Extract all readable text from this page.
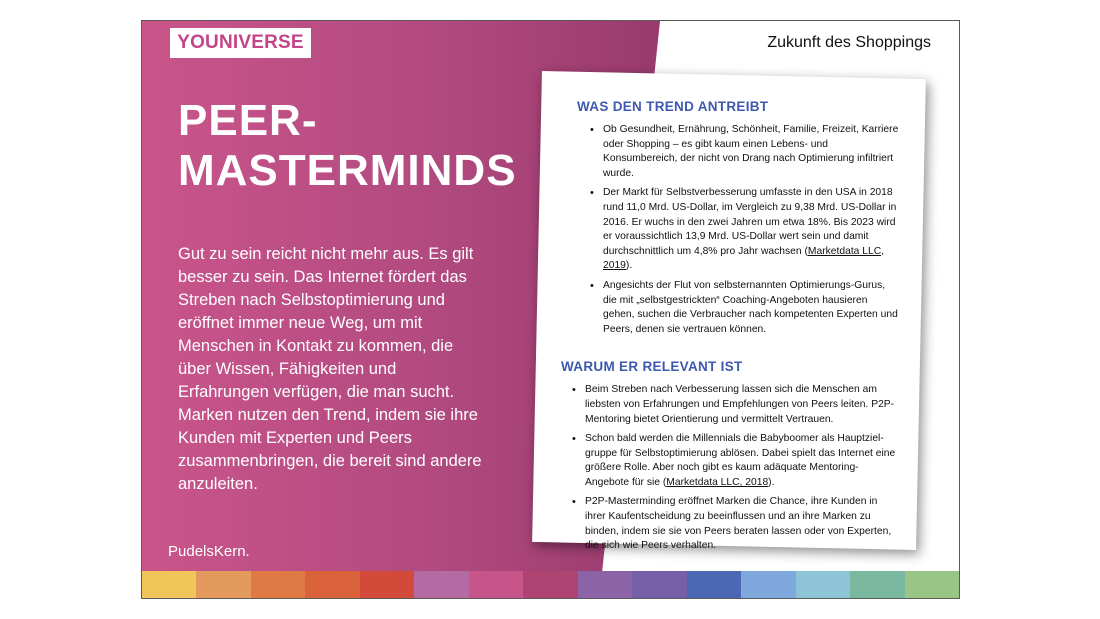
YOUNIVERSE	Zukunft des Shoppings
PEER-
MASTERMINDS
Gut zu sein reicht nicht mehr aus. Es gilt besser zu sein. Das Internet fördert das Streben nach Selbstoptimierung und eröffnet immer neue Weg, um mit Menschen in Kontakt zu kommen, die über Wissen, Fähigkeiten und Erfahrungen verfügen, die man sucht. Marken nutzen den Trend, indem sie ihre Kunden mit Experten und Peers zusammenbringen, die bereit sind andere anzuleiten.
PudelsKern.
WAS DEN TREND ANTREIBT
• Ob Gesundheit, Ernährung, Schönheit, Familie, Freizeit, Karriere oder Shopping – es gibt kaum einen Lebens- und Konsumbereich, der nicht von Drang nach Optimierung infiltriert wurde.
• Der Markt für Selbstverbesserung umfasste in den USA in 2018 rund 11,0 Mrd. US-Dollar, im Vergleich zu 9,38 Mrd. US-Dollar in 2016. Er wuchs in den zwei Jahren um etwa 18%. Bis 2023 wird er voraussichtlich 13,9 Mrd. US-Dollar wert sein und damit durchschnittlich um 4,8% pro Jahr wachsen (Marketdata LLC, 2019).
• Angesichts der Flut von selbsternannten Optimierungs-Gurus, die mit „selbstgestrickten“ Coaching-Angeboten hausieren gehen, suchen die Verbraucher nach kompetenten Experten und Peers, denen sie vertrauen können.
WARUM ER RELEVANT IST
• Beim Streben nach Verbesserung lassen sich die Menschen am liebsten von Erfahrungen und Empfehlungen von Peers leiten. P2P-Mentoring bietet Orientierung und vermittelt Vertrauen.
• Schon bald werden die Millennials die Babyboomer als Hauptziel-gruppe für Selbstoptimierung ablösen. Dabei spielt das Internet eine größere Rolle. Aber noch gibt es kaum adäquate Mentoring-Angebote für sie (Marketdata LLC, 2018).
• P2P-Masterminding eröffnet Marken die Chance, ihre Kunden in ihrer Kaufentscheidung zu beeinflussen und an ihre Marken zu binden, indem sie sie von Peers beraten lassen oder von Experten, die sich wie Peers verhalten.
